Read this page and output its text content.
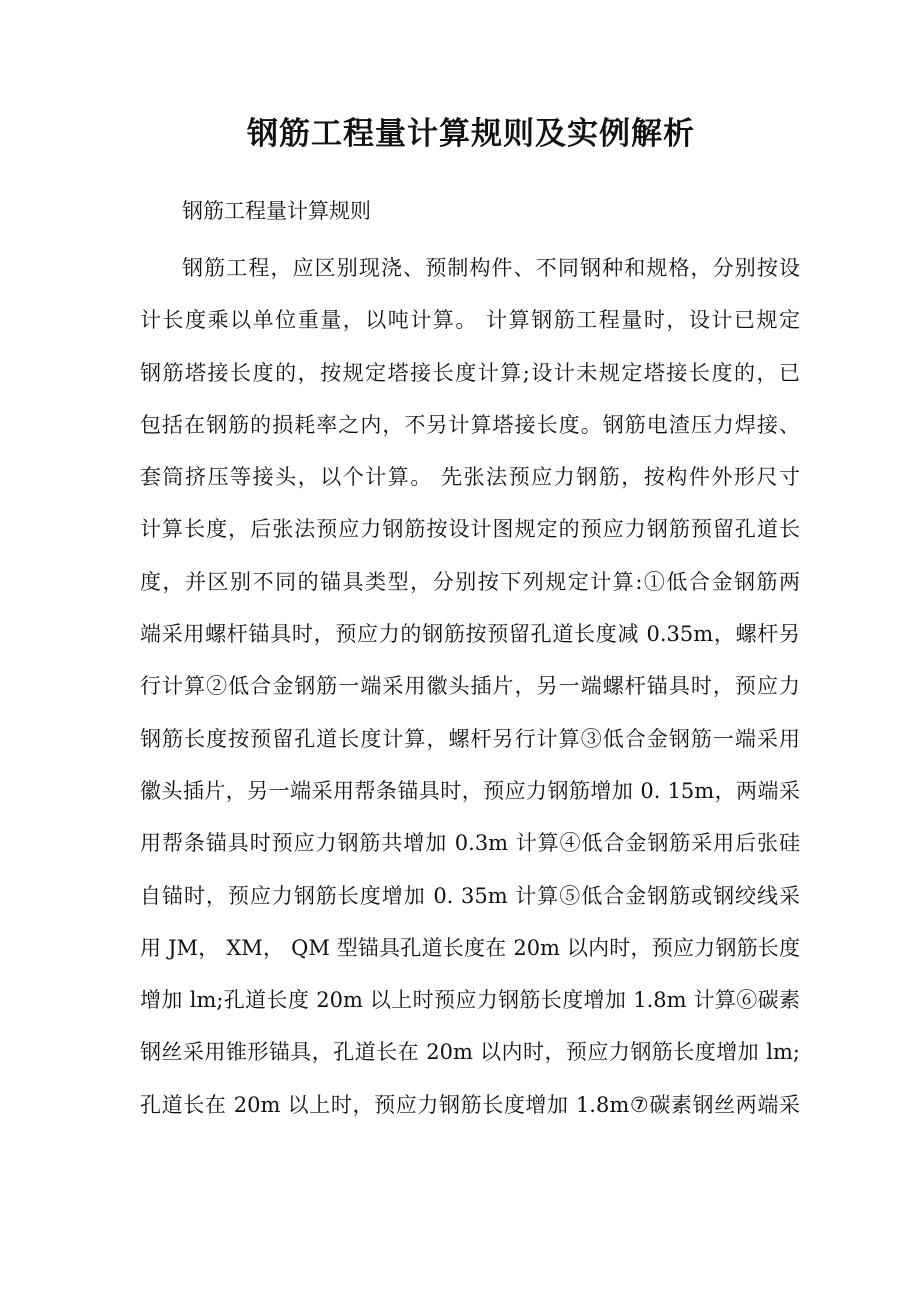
钢筋工程量计算规则及实例解析
钢筋工程量计算规则
钢筋工程，应区别现浇、预制构件、不同钢种和规格，分别按设
计长度乘以单位重量，以吨计算。 计算钢筋工程量时，设计已规定
钢筋塔接长度的，按规定塔接长度计算;设计未规定塔接长度的，已
包括在钢筋的损耗率之内，不另计算塔接长度。钢筋电渣压力焊接、
套筒挤压等接头，以个计算。 先张法预应力钢筋，按构件外形尺寸
计算长度，后张法预应力钢筋按设计图规定的预应力钢筋预留孔道长
度，并区别不同的锚具类型，分别按下列规定计算:①低合金钢筋两
端采用螺杆锚具时，预应力的钢筋按预留孔道长度减 0.35m，螺杆另
行计算②低合金钢筋一端采用徽头插片，另一端螺杆锚具时，预应力
钢筋长度按预留孔道长度计算，螺杆另行计算③低合金钢筋一端采用
徽头插片，另一端采用帮条锚具时，预应力钢筋增加 0. 15m，两端采
用帮条锚具时预应力钢筋共增加 0.3m 计算④低合金钢筋采用后张硅
自锚时，预应力钢筋长度增加 0. 35m 计算⑤低合金钢筋或钢绞线采
用 JM， XM， QM 型锚具孔道长度在 20m 以内时，预应力钢筋长度
增加 lm;孔道长度 20m 以上时预应力钢筋长度增加 1.8m 计算⑥碳素
钢丝采用锥形锚具，孔道长在 20m 以内时，预应力钢筋长度增加 lm;
孔道长在 20m 以上时，预应力钢筋长度增加 1.8m⑦碳素钢丝两端采
